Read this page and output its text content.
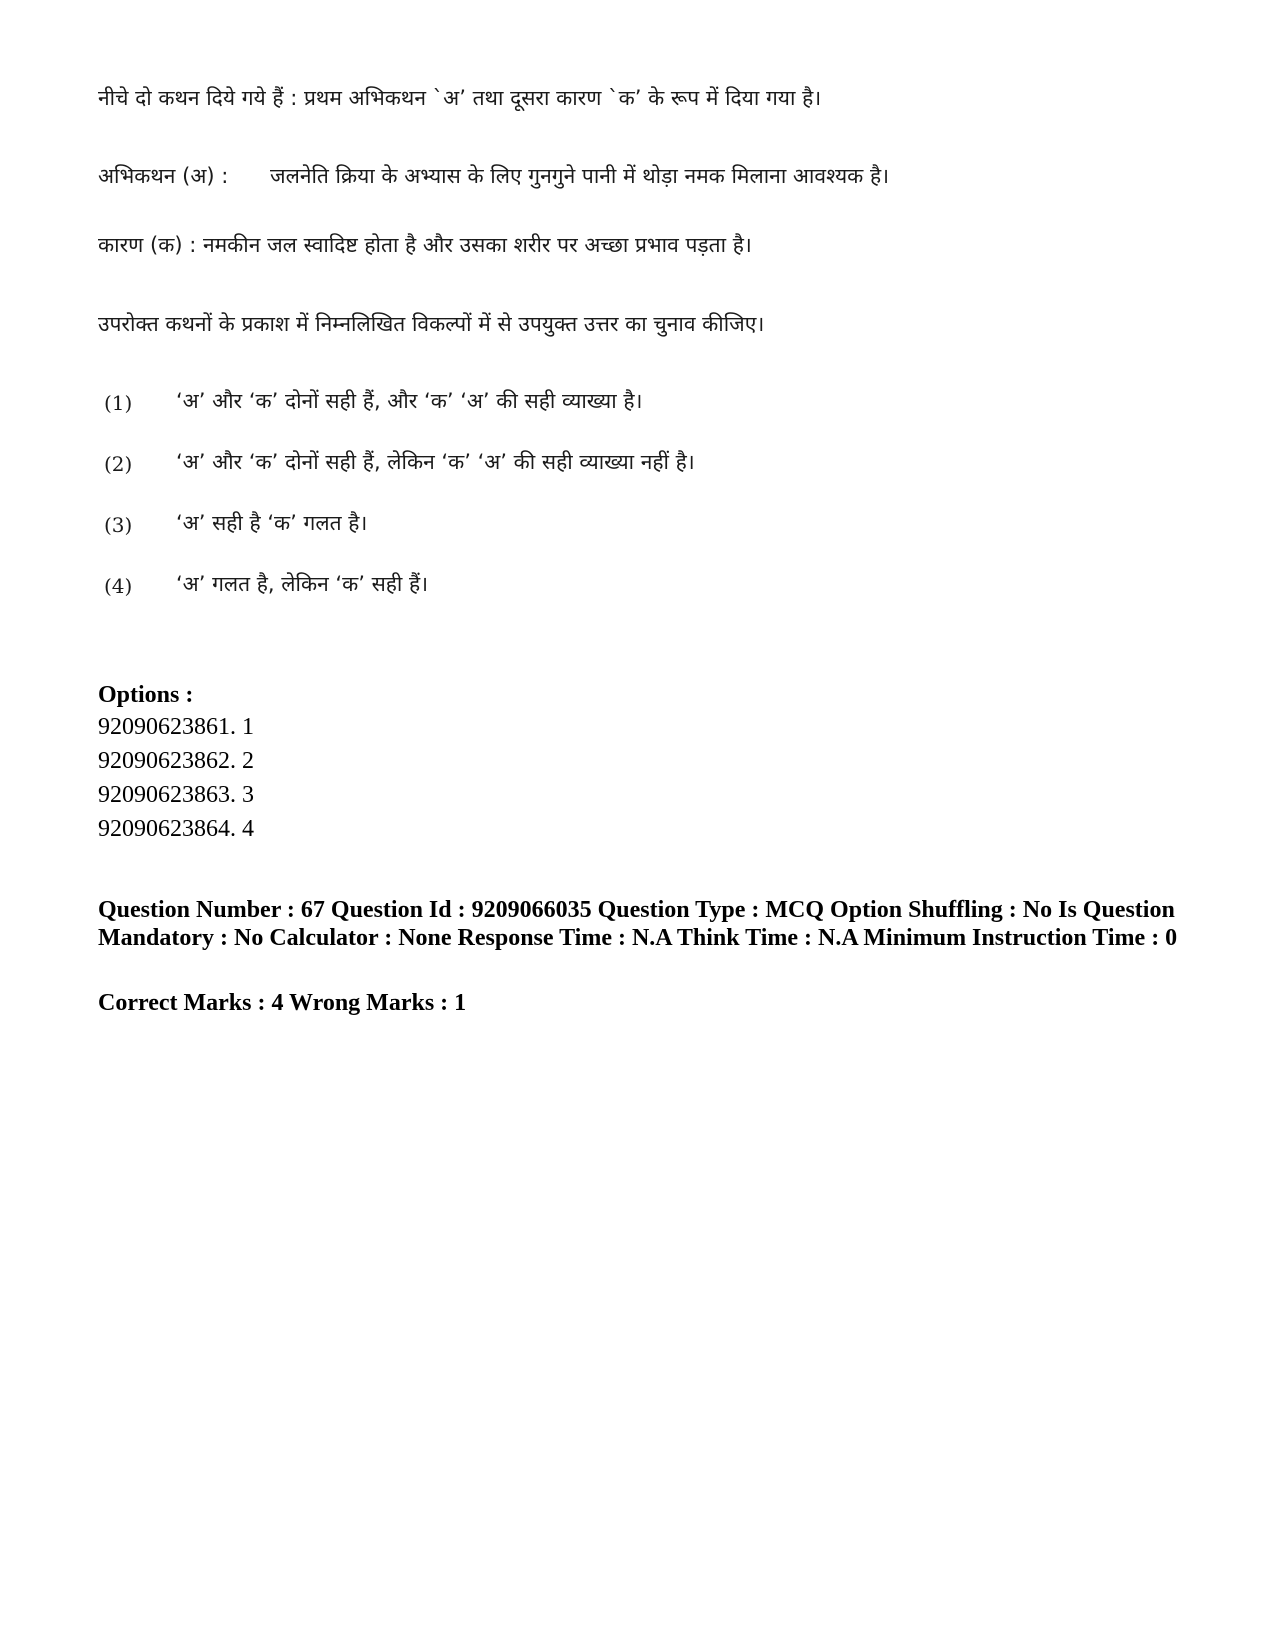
नीचे दो कथन दिये गये हैं : प्रथम अभिकथन `अ’ तथा दूसरा कारण `क’ के रूप में दिया गया है।
अभिकथन (अ) : जलनेति क्रिया के अभ्यास के लिए गुनगुने पानी में थोड़ा नमक मिलाना आवश्यक है।
कारण (क) : नमकीन जल स्वादिष्ट होता है और उसका शरीर पर अच्छा प्रभाव पड़ता है।
उपरोक्त कथनों के प्रकाश में निम्नलिखित विकल्पों में से उपयुक्त उत्तर का चुनाव कीजिए।
(1) ‘अ’ और ‘क’ दोनों सही हैं, और ‘क’ ‘अ’ की सही व्याख्या है।
(2) ‘अ’ और ‘क’ दोनों सही हैं, लेकिन ‘क’ ‘अ’ की सही व्याख्या नहीं है।
(3) ‘अ’ सही है ‘क’ गलत है।
(4) ‘अ’ गलत है, लेकिन ‘क’ सही हैं।
Options :
92090623861. 1
92090623862. 2
92090623863. 3
92090623864. 4
Question Number : 67 Question Id : 9209066035 Question Type : MCQ Option Shuffling : No Is Question Mandatory : No Calculator : None Response Time : N.A Think Time : N.A Minimum Instruction Time : 0
Correct Marks : 4 Wrong Marks : 1
